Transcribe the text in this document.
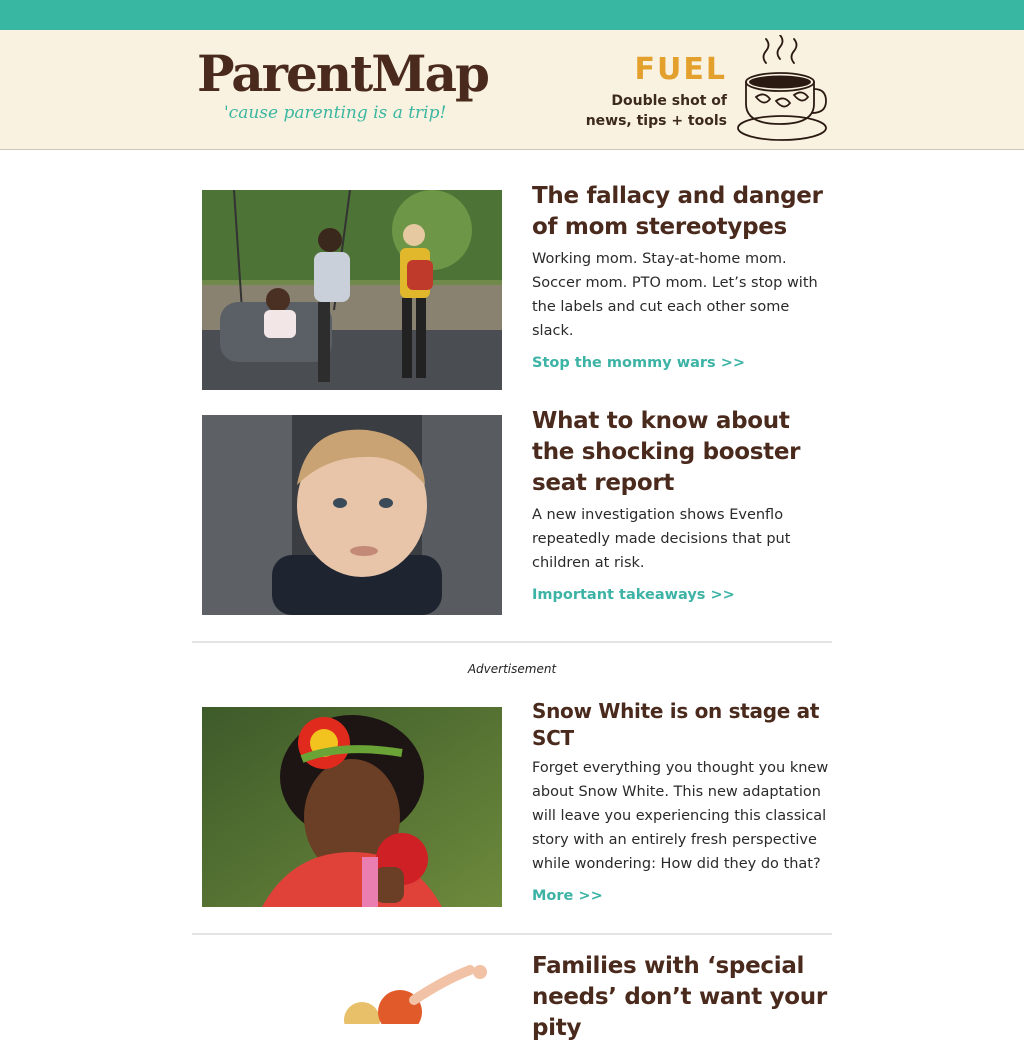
ParentMap
'cause parenting is a trip!
FUEL
Double shot of
news, tips + tools
The fallacy and danger of mom stereotypes

Working mom. Stay-at-home mom. Soccer mom. PTO mom. Let’s stop with the labels and cut each other some slack.

Stop the mommy wars >>
What to know about the shocking booster seat report

A new investigation shows Evenflo repeatedly made decisions that put children at risk.

Important takeaways >>
Advertisement
Snow White is on stage at SCT

Forget everything you thought you knew about Snow White. This new adaptation will leave you experiencing this classical story with an entirely fresh perspective while wondering: How did they do that?

More >>
Families with ‘special needs’ don’t want your pity
